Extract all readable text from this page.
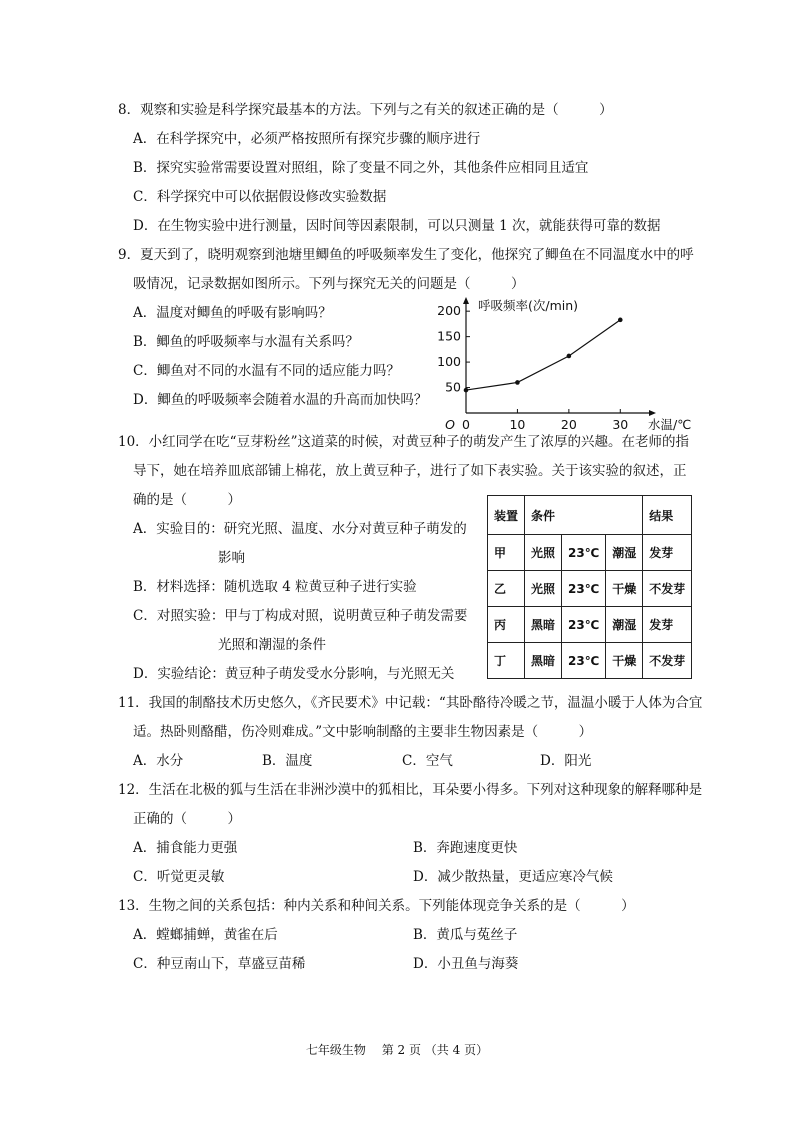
8．观察和实验是科学探究最基本的方法。下列与之有关的叙述正确的是（　　　）
A．在科学探究中，必须严格按照所有探究步骤的顺序进行
B．探究实验常需要设置对照组，除了变量不同之外，其他条件应相同且适宜
C．科学探究中可以依据假设修改实验数据
D．在生物实验中进行测量，因时间等因素限制，可以只测量 1 次，就能获得可靠的数据
9．夏天到了，晓明观察到池塘里鲫鱼的呼吸频率发生了变化，他探究了鲫鱼在不同温度水中的呼
吸情况，记录数据如图所示。下列与探究无关的问题是（　　　）
A．温度对鲫鱼的呼吸有影响吗？
B．鲫鱼的呼吸频率与水温有关系吗？
C．鲫鱼对不同的水温有不同的适应能力吗？
D．鲫鱼的呼吸频率会随着水温的升高而加快吗？
50
100
150
200
0	10	20	30
呼吸频率(次/min)
水温/℃
O
10．小红同学在吃“豆芽粉丝”这道菜的时候，对黄豆种子的萌发产生了浓厚的兴趣。在老师的指
导下，她在培养皿底部铺上棉花，放上黄豆种子，进行了如下表实验。关于该实验的叙述，正
确的是（　　　）
A．实验目的：研究光照、温度、水分对黄豆种子萌发的
影响
B．材料选择：随机选取 4 粒黄豆种子进行实验
C．对照实验：甲与丁构成对照，说明黄豆种子萌发需要
光照和潮湿的条件
D．实验结论：黄豆种子萌发受水分影响，与光照无关
装置	条件			结果
甲	光照	23℃	潮湿	发芽
乙	光照	23℃	干燥	不发芽
丙	黑暗	23℃	潮湿	发芽
丁	黑暗	23℃	干燥	不发芽
11．我国的制酪技术历史悠久，《齐民要术》中记载：“其卧酪待冷暖之节，温温小暖于人体为合宜
适。热卧则酪醋，伤冷则难成。”文中影响制酪的主要非生物因素是（　　　）
A．水分	B．温度	C．空气	D．阳光
12．生活在北极的狐与生活在非洲沙漠中的狐相比，耳朵要小得多。下列对这种现象的解释哪种是
正确的（　　　）
A．捕食能力更强	B．奔跑速度更快
C．听觉更灵敏	D．减少散热量，更适应寒冷气候
13．生物之间的关系包括：种内关系和种间关系。下列能体现竞争关系的是（　　　）
A．螳螂捕蝉，黄雀在后	B．黄瓜与菟丝子
C．种豆南山下，草盛豆苗稀	D．小丑鱼与海葵
七年级生物　 第 2 页 （共 4 页）
